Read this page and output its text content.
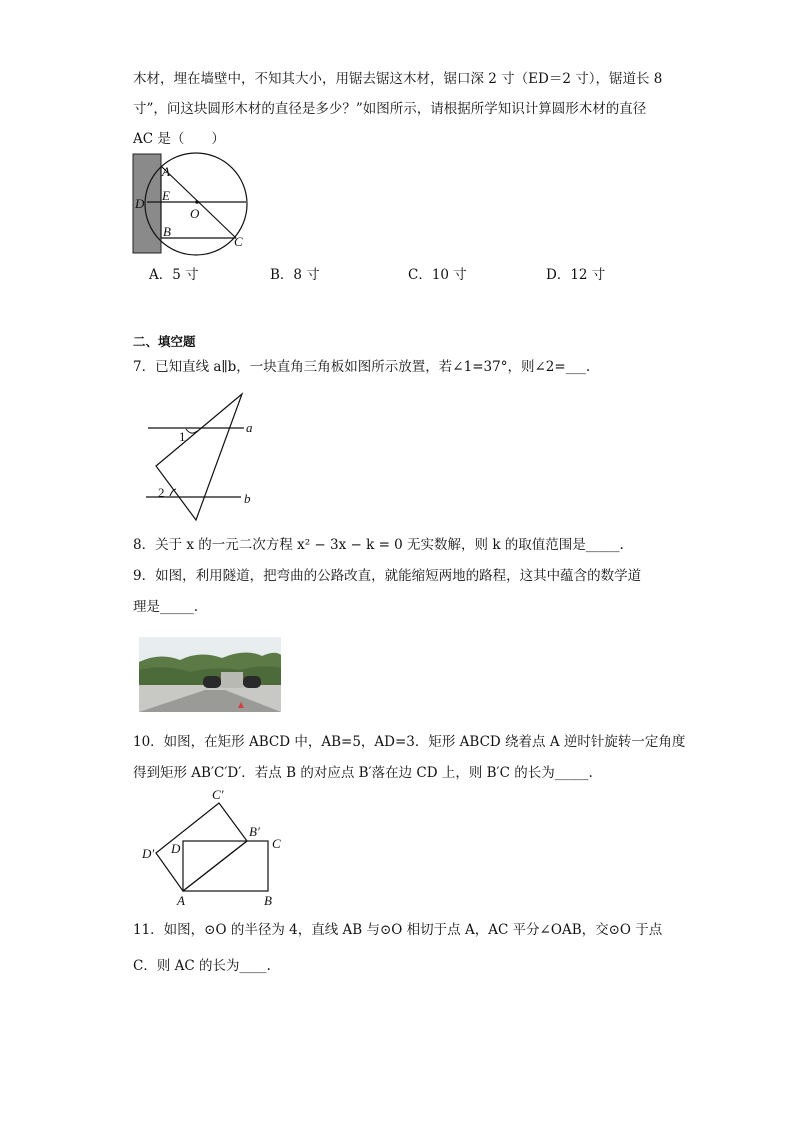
木材，埋在墙壁中，不知其大小，用锯去锯这木材，锯口深 2 寸（ED＝2 寸），锯道长 8
寸”，问这块圆形木材的直径是多少？”如图所示，请根据所学知识计算圆形木材的直径
AC 是（　　）
A
E
D
O
B
C
A．5 寸	B．8 寸	C．10 寸	D．12 寸
二、填空题
7．已知直线 a∥b，一块直角三角板如图所示放置，若∠1=37°，则∠2=___.
1
2
a
b
8．关于 x 的一元二次方程 x² − 3x − k = 0 无实数解，则 k 的取值范围是_____.
9．如图，利用隧道，把弯曲的公路改直，就能缩短两地的路程，这其中蕴含的数学道
理是_____.
10．如图，在矩形 ABCD 中，AB=5，AD=3．矩形 ABCD 绕着点 A 逆时针旋转一定角度
得到矩形 AB′C′D′．若点 B 的对应点 B′落在边 CD 上，则 B′C 的长为_____.
C′
B′
C
D′ D
A	B
11．如图，⊙O 的半径为 4，直线 AB 与⊙O 相切于点 A，AC 平分∠OAB，交⊙O 于点
C．则 AC 的长为____.
